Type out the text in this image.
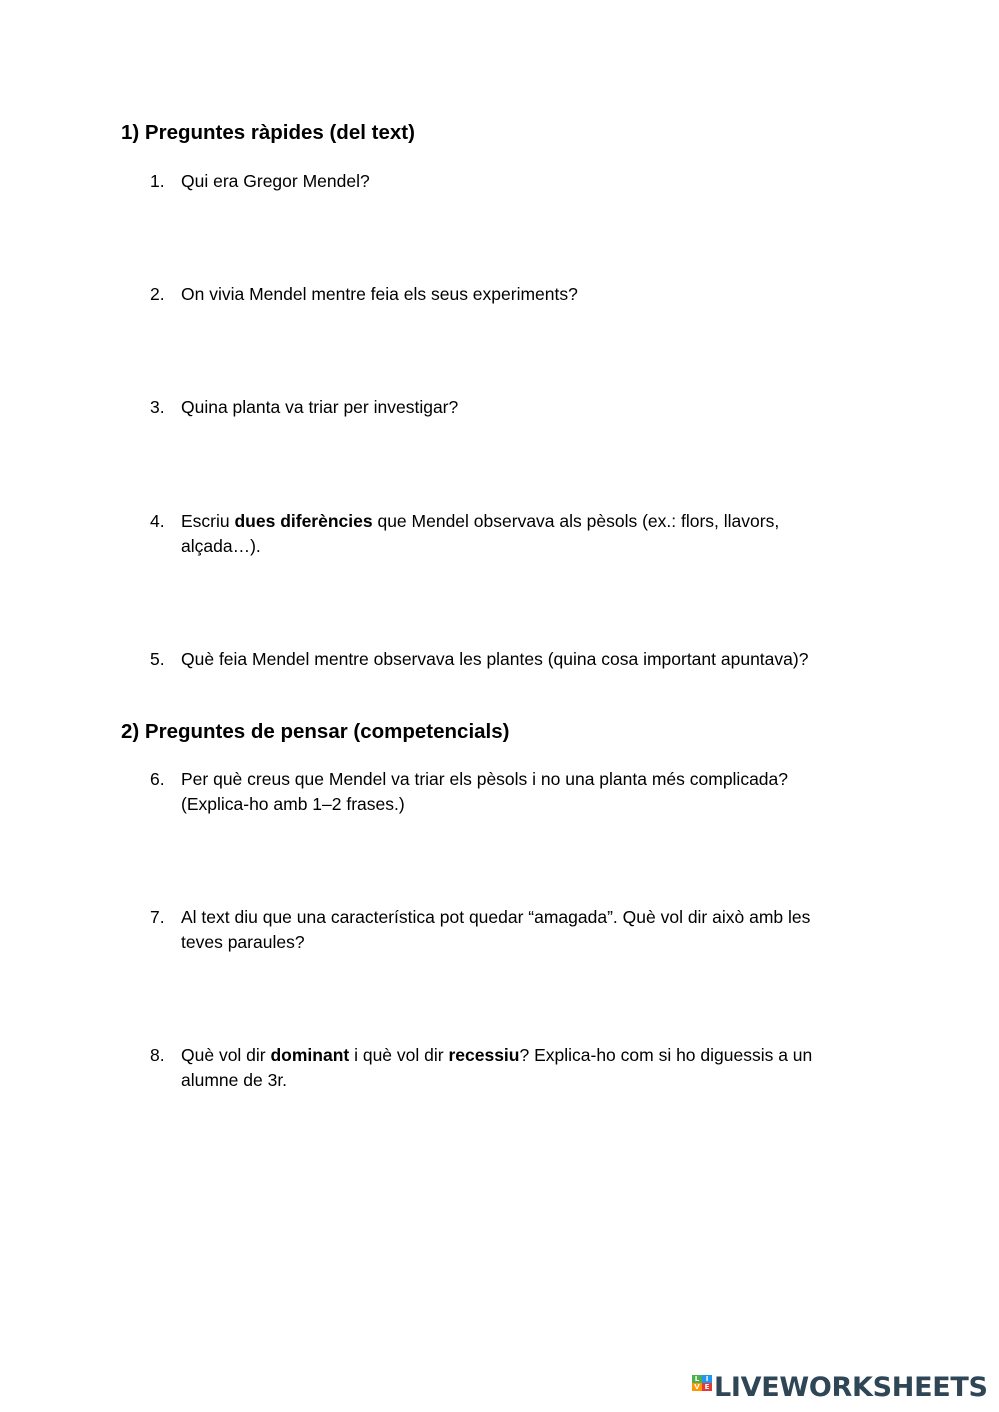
1) Preguntes ràpides (del text)
1. Qui era Gregor Mendel?
2. On vivia Mendel mentre feia els seus experiments?
3. Quina planta va triar per investigar?
4. Escriu dues diferències que Mendel observava als pèsols (ex.: flors, llavors, alçada…).
5. Què feia Mendel mentre observava les plantes (quina cosa important apuntava)?
2) Preguntes de pensar (competencials)
6. Per què creus que Mendel va triar els pèsols i no una planta més complicada? (Explica-ho amb 1–2 frases.)
7. Al text diu que una característica pot quedar “amagada”. Què vol dir això amb les teves paraules?
8. Què vol dir dominant i què vol dir recessiu? Explica-ho com si ho diguessis a un alumne de 3r.
L I
V E LIVEWORKSHEETS
